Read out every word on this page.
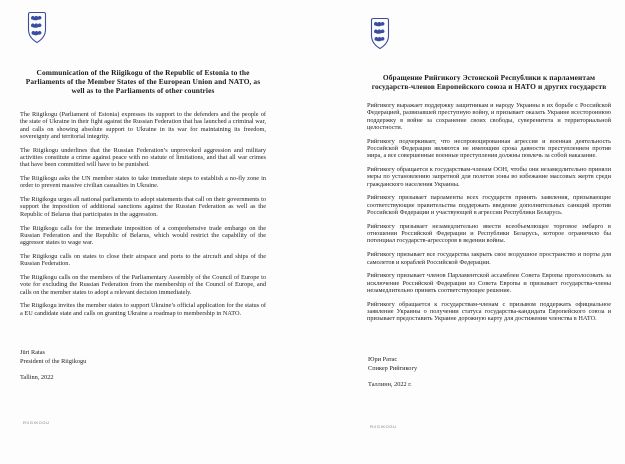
Communication of the Riigikogu of the Republic of Estonia to the Parliaments of the Member States of the European Union and NATO, as well as to the Parliaments of other countries

The Riigikogu (Parliament of Estonia) expresses its support to the defenders and the people of the state of Ukraine in their fight against the Russian Federation that has launched a criminal war, and calls on showing absolute support to Ukraine in its war for maintaining its freedom, sovereignty and territorial integrity.

The Riigikogu underlines that the Russian Federation’s unprovoked aggression and military activities constitute a crime against peace with no statute of limitations, and that all war crimes that have been committed will have to be punished.

The Riigikogu asks the UN member states to take immediate steps to establish a no-fly zone in order to prevent massive civilian casualties in Ukraine.

The Riigikogu urges all national parliaments to adopt statements that call on their governments to support the imposition of additional sanctions against the Russian Federation as well as the Republic of Belarus that participates in the aggression.

The Riigikogu calls for the immediate imposition of a comprehensive trade embargo on the Russian Federation and the Republic of Belarus, which would restrict the capability of the aggressor states to wage war.

The Riigikogu calls on states to close their airspace and ports to the aircraft and ships of the Russian Federation.

The Riigikogu calls on the members of the Parliamentary Assembly of the Council of Europe to vote for excluding the Russian Federation from the membership of the Council of Europe, and calls on the member states to adopt a relevant decision immediately.

The Riigikogu invites the member states to support Ukraine’s official application for the status of a EU candidate state and calls on granting Ukraine a roadmap to membership in NATO.

Jüri Ratas
President of the Riigikogu
Tallinn, 2022
RIIGIKOGU
Обращение Рийгикогу Эстонской Республики к парламентам государств-членов Европейского союза и НАТО и других государств

Рийгикогу выражает поддержку защитникам и народу Украины в их борьбе с Российской Федерацией, развязавшей преступную войну, и призывает оказать Украине всестороннюю поддержку в войне за сохранение своих свободы, суверенитета и территориальной целостности.

Рийгикогу подчеркивает, что неспровоцированная агрессия и военная деятельность Российской Федерации являются не имеющим срока давности преступлением против мира, а все совершенные военные преступления должны повлечь за собой наказание.

Рийгикогу обращается к государствам-членам ООН, чтобы они незамедлительно приняли меры по установлению запретной для полетов зоны во избежание массовых жертв среди гражданского населения Украины.

Рийгикогу призывает парламенты всех государств принять заявления, призывающие соответствующие правительства поддержать введение дополнительных санкций против Российской Федерации и участвующей в агрессии Республики Беларусь.

Рийгикогу призывает незамедлительно ввести всеобъемлющее торговое эмбарго в отношении Российской Федерации и Республики Беларусь, которое ограничило бы потенциал государств-агрессоров в ведении войны.

Рийгикогу призывает все государства закрыть свое воздушное пространство и порты для самолетов и кораблей Российской Федерации.

Рийгикогу призывает членов Парламентской ассамблеи Совета Европы проголосовать за исключение Российской Федерации из Совета Европы и призывает государства-члены незамедлительно принять соответствующее решение.

Рийгикогу обращается к государствам-членам с призывом поддержать официальное заявление Украины о получении статуса государства-кандидата Европейского союза и призывает предоставить Украине дорожную карту для достижения членства в НАТО.

Юри Ратас
Спикер Рийгикогу
Таллинн, 2022 г.
RIIGIKOGU
